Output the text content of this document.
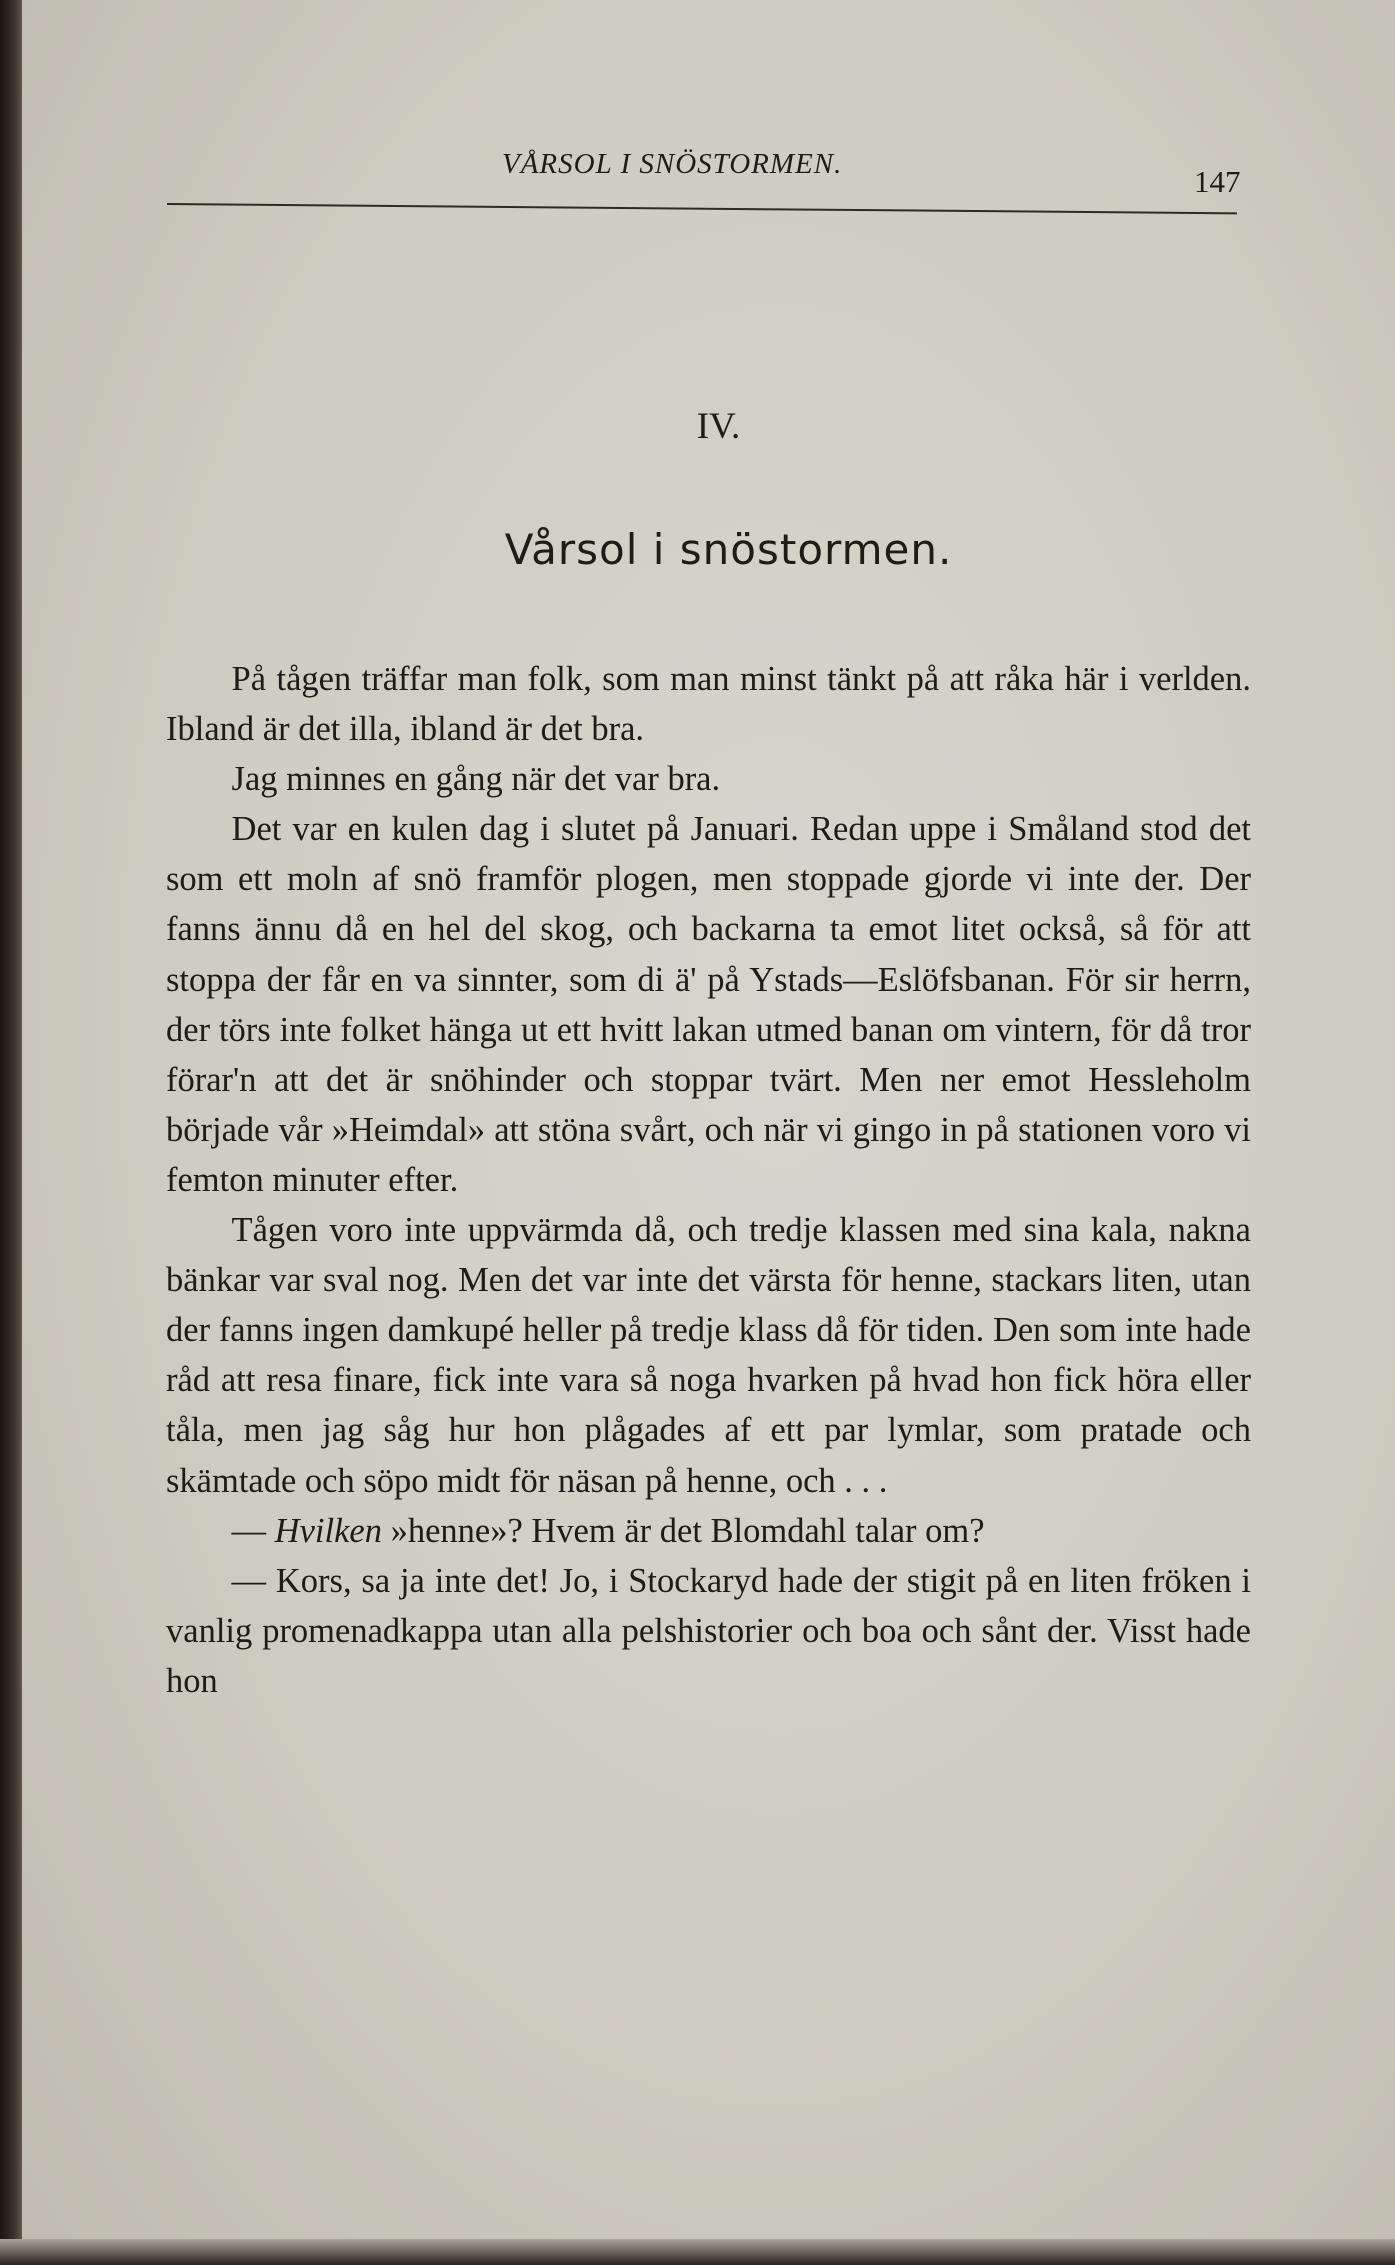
VÅRSOL I SNÖSTORMEN.	147
IV.
Vårsol i snöstormen.

På tågen träffar man folk, som man minst tänkt på att råka här i verlden. Ibland är det illa, ibland är det bra.

Jag minnes en gång när det var bra.

Det var en kulen dag i slutet på Januari. Redan uppe i Småland stod det som ett moln af snö framför plogen, men stoppade gjorde vi inte der. Der fanns ännu då en hel del skog, och backarna ta emot litet också, så för att stoppa der får en va sinnter, som di ä' på Ystads—Eslöfsbanan. För sir herrn, der törs inte folket hänga ut ett hvitt lakan utmed banan om vintern, för då tror förar'n att det är snöhinder och stoppar tvärt. Men ner emot Hessleholm började vår »Heimdal» att stöna svårt, och när vi gingo in på stationen voro vi femton minuter efter.

Tågen voro inte uppvärmda då, och tredje klassen med sina kala, nakna bänkar var sval nog. Men det var inte det värsta för henne, stackars liten, utan der fanns ingen damkupé heller på tredje klass då för tiden. Den som inte hade råd att resa finare, fick inte vara så noga hvarken på hvad hon fick höra eller tåla, men jag såg hur hon plågades af ett par lymlar, som pratade och skämtade och söpo midt för näsan på henne, och . . .

— Hvilken »henne»? Hvem är det Blomdahl talar om?

— Kors, sa ja inte det! Jo, i Stockaryd hade der stigit på en liten fröken i vanlig promenadkappa utan alla pelshistorier och boa och sånt der. Visst hade hon
